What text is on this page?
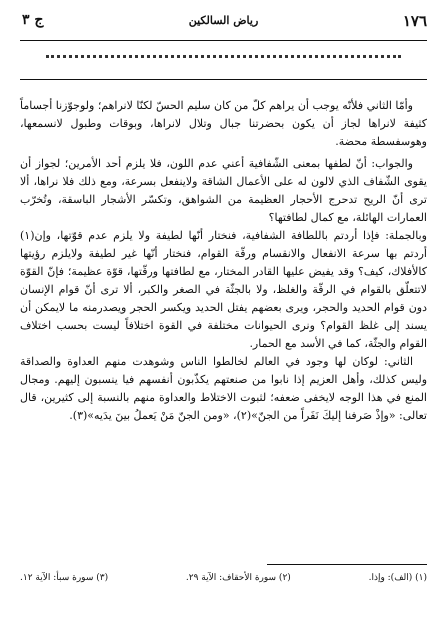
١٧٦
رياض السالكين
ج ٣

وأمّا الثاني فلأنّه يوجب أن يراهم كلّ من كان سليم الحسّ لكنّا لانراهم؛ ولوجوّزنا أجساماً كثيفة لانراها لجاز أن يكون بحضرتنا جبال وتلال لانراها، وبوقات وطبول لانسمعها، وهوسفسطة محضة.

والجواب: أنّ لطفها بمعنى الشّفافية أعني عدم اللون، فلا يلزم أحد الأمرين؛ لجواز أن يقوى الشّفاف الذي لالون له على الأعمال الشاقة ولاينفعل بسرعة، ومع ذلك فلا نراها، ألا ترى أنّ الريح تدحرج الأحجار العظيمة من الشواهق، وتكسّر الأشجار الباسقة، وتُخرّب العمارات الهائلة، مع كمال لطافتها؟

وبالجملة: فإذا أردتم باللطافة الشفافية، فنختار أنّها لطيفة ولا يلزم عدم قوّتها، وإن(١) أردتم بها سرعة الانفعال والانقسام ورقّة القوام، فنختار أنّها غير لطيفة ولايلزم رؤيتها كالأفلاك، كيف؟ وقد يفيض عليها القادر المختار، مع لطافتها ورقّتها، قوّة عظيمة؛ فإنّ القوّة لاتتعلّق بالقوام في الرقّة والغلظ، ولا بالجثّة في الصغر والكبر، ألا ترى أنّ قوام الإنسان دون قوام الحديد والحجر، ويرى بعضهم يفتل الحديد ويكسر الحجر ويصدرمنه ما لايمكن أن يسند إلى غلظ القوام؟ ونرى الحيوانات مختلفة في القوة اختلافاً ليست بحسب اختلاف القوام والجثّة، كما في الأسد مع الحمار.

الثاني: لوكان لها وجود في العالم لخالطوا الناس وشوهدت منهم العداوة والصداقة وليس كذلك، وأهل العزيم إذا نابوا من صنعتهم يكذّبون أنفسهم فيا ينسبون إليهم. ومجال المنع في هذا الوجه لايخفى ضعفه؛ لثبوت الاختلاط والعداوة منهم بالنسبة إلى كثيرين، قال تعالى: «وإذْ صَرفنا إليكَ نَفَراً من الجنّ»(٢)، «ومن الجنّ مَنْ يَعملُ بينَ يدَيه»(٣).

(١) (الف): وإذا.
(٢) سورة الأحقاف: الآية ٢٩.
(٣) سورة سبأ: الآية ١٢.
